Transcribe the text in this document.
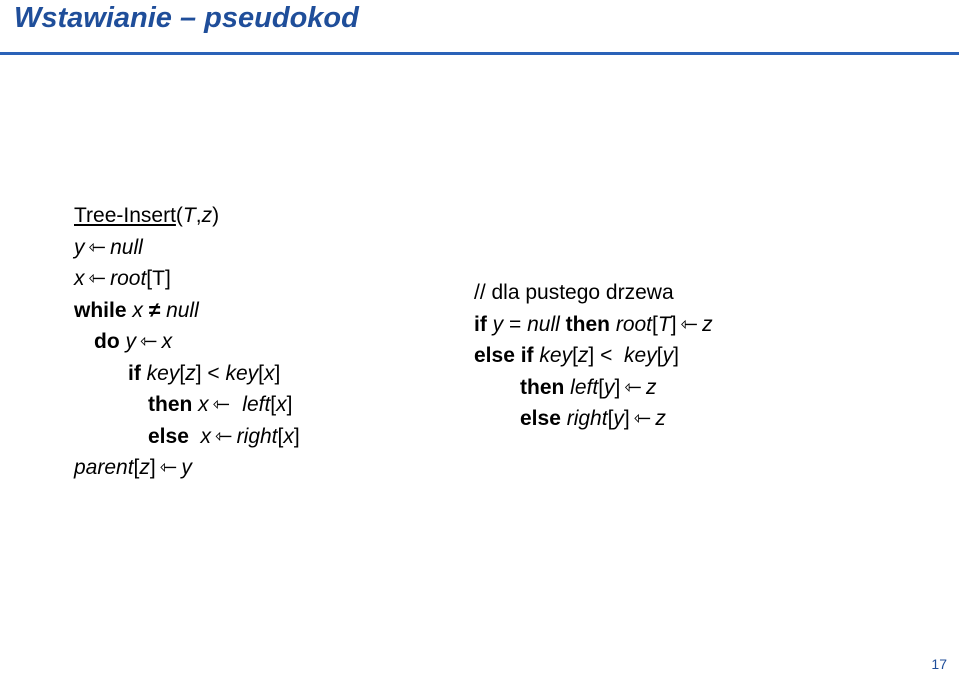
Wstawianie – pseudokod
Tree-Insert(T,z)
y ⇽ null
x ⇽ root[T]
while x ≠ null
do y ⇽ x
if key[z] < key[x]
then x ⇽ left[x]
else x ⇽ right[x]
parent[z] ⇽ y
// dla pustego drzewa
if y = null then root[T] ⇽ z
else if key[z] <  key[y]
then left[y] ⇽ z
else right[y] ⇽ z
17
